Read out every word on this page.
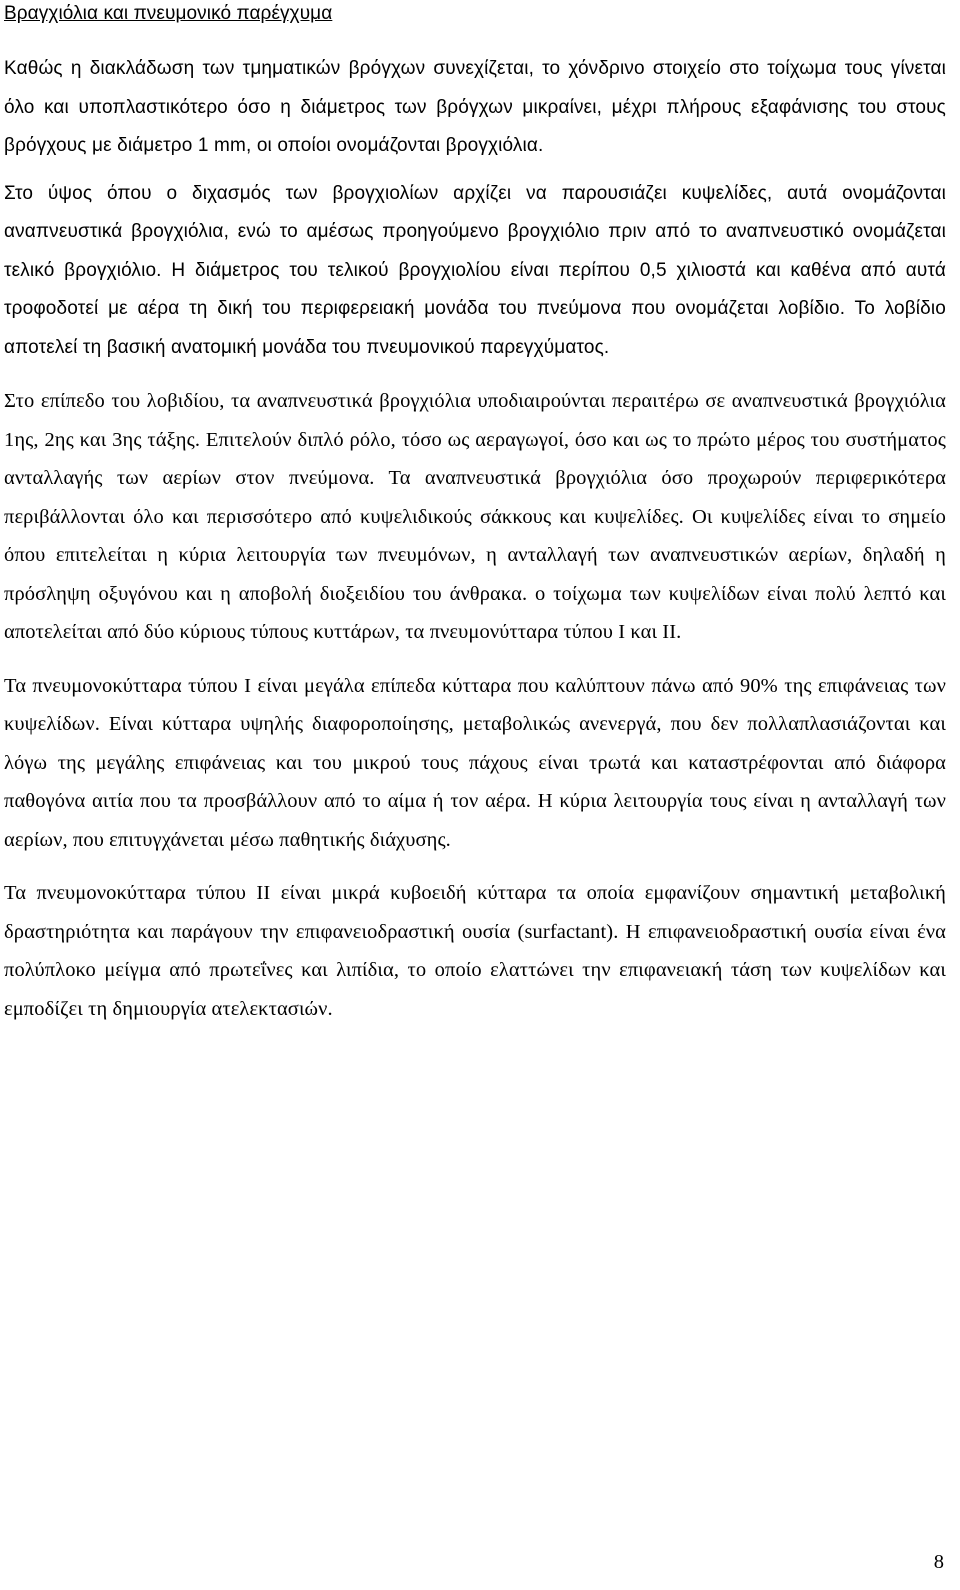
Βραγχιόλια και πνευμονικό παρέγχυμα

Καθώς η διακλάδωση των τμηματικών βρόγχων συνεχίζεται, το χόνδρινο στοιχείο στο τοίχωμα τους γίνεται όλο και υποπλαστικότερο όσο η διάμετρος των βρόγχων μικραίνει, μέχρι πλήρους εξαφάνισης του στους βρόγχους με διάμετρο 1 mm, οι οποίοι ονομάζονται βρογχιόλια.

Στο ύψος όπου ο διχασμός των βρογχιολίων αρχίζει να παρουσιάζει κυψελίδες, αυτά ονομάζονται αναπνευστικά βρογχιόλια, ενώ το αμέσως προηγούμενο βρογχιόλιο πριν από το αναπνευστικό ονομάζεται τελικό βρογχιόλιο. Η διάμετρος του τελικού βρογχιολίου είναι περίπου 0,5 χιλιοστά και καθένα από αυτά τροφοδοτεί με αέρα τη δική του περιφερειακή μονάδα του πνεύμονα που ονομάζεται λοβίδιο. Το λοβίδιο αποτελεί τη βασική ανατομική μονάδα του πνευμονικού παρεγχύματος.

Στο επίπεδο του λοβιδίου, τα αναπνευστικά βρογχιόλια υποδιαιρούνται περαιτέρω σε αναπνευστικά βρογχιόλια 1ης, 2ης και 3ης τάξης. Επιτελούν διπλό ρόλο, τόσο ως αεραγωγοί, όσο και ως το πρώτο μέρος του συστήματος ανταλλαγής των αερίων στον πνεύμονα. Τα αναπνευστικά βρογχιόλια όσο προχωρούν περιφερικότερα περιβάλλονται όλο και περισσότερο από κυψελιδικούς σάκκους και κυψελίδες. Οι κυψελίδες είναι το σημείο όπου επιτελείται η κύρια λειτουργία των πνευμόνων, η ανταλλαγή των αναπνευστικών αερίων, δηλαδή η πρόσληψη οξυγόνου και η αποβολή διοξειδίου του άνθρακα. ο τοίχωμα των κυψελίδων είναι πολύ λεπτό και αποτελείται από δύο κύριους τύπους κυττάρων, τα πνευμονύτταρα τύπου Ι και ΙΙ.

Τα πνευμονοκύτταρα τύπου Ι είναι μεγάλα επίπεδα κύτταρα που καλύπτουν πάνω από 90% της επιφάνειας των κυψελίδων. Είναι κύτταρα υψηλής διαφοροποίησης, μεταβολικώς ανενεργά, που δεν πολλαπλασιάζονται και λόγω της μεγάλης επιφάνειας και του μικρού τους πάχους είναι τρωτά και καταστρέφονται από διάφορα παθογόνα αιτία που τα προσβάλλουν από το αίμα ή τον αέρα. Η κύρια λειτουργία τους είναι η ανταλλαγή των αερίων, που επιτυγχάνεται μέσω παθητικής διάχυσης.

Τα πνευμονοκύτταρα τύπου ΙΙ είναι μικρά κυβοειδή κύτταρα τα οποία εμφανίζουν σημαντική μεταβολική δραστηριότητα και παράγουν την επιφανειοδραστική ουσία (surfactant). Η επιφανειοδραστική ουσία είναι ένα πολύπλοκο μείγμα από πρωτεΐνες και λιπίδια, το οποίο ελαττώνει την επιφανειακή τάση των κυψελίδων και εμποδίζει τη δημιουργία ατελεκτασιών.

8
